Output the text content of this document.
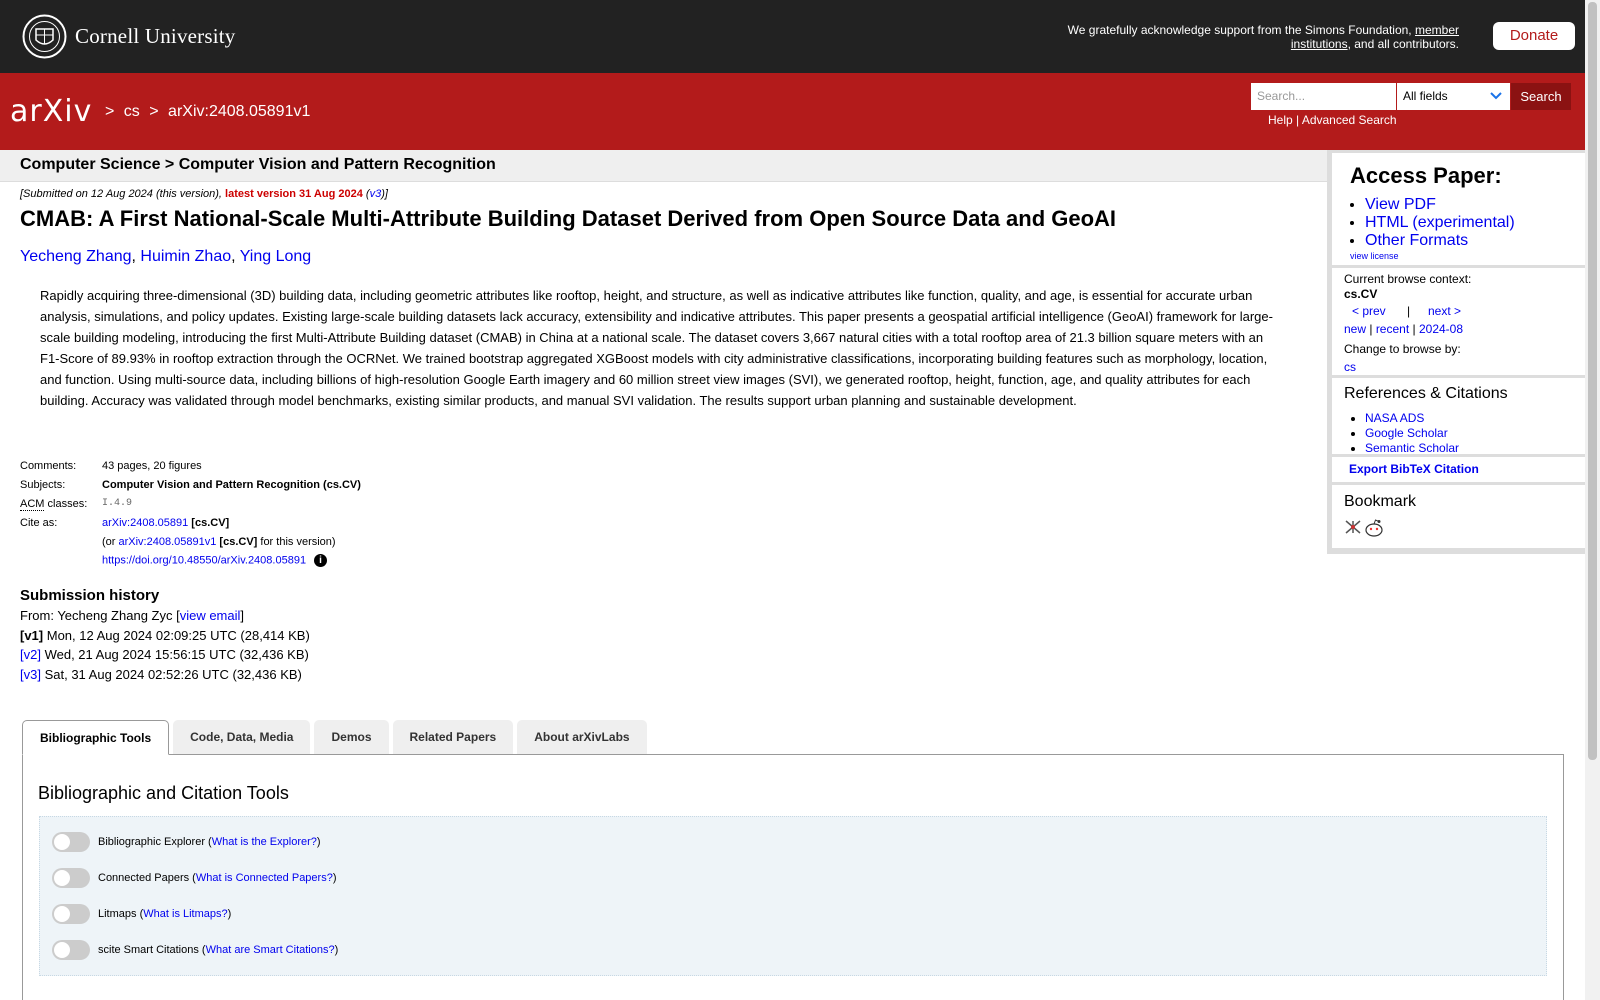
Cornell University	We gratefully acknowledge support from the Simons Foundation, member institutions, and all contributors.	Donate
arXiv > cs > arXiv:2408.05891v1
Search...	All fields	Search
Help | Advanced Search
Computer Science > Computer Vision and Pattern Recognition
[Submitted on 12 Aug 2024 (this version), latest version 31 Aug 2024 (v3)]
CMAB: A First National-Scale Multi-Attribute Building Dataset Derived from Open Source Data and GeoAI
Yecheng Zhang, Huimin Zhao, Ying Long

Rapidly acquiring three-dimensional (3D) building data, including geometric attributes like rooftop, height, and structure, as well as indicative attributes like function, quality, and age, is essential for accurate urban analysis, simulations, and policy updates. Existing large-scale building datasets lack accuracy, extensibility and indicative attributes. This paper presents a geospatial artificial intelligence (GeoAI) framework for large-scale building modeling, introducing the first Multi-Attribute Building dataset (CMAB) in China at a national scale. The dataset covers 3,667 natural cities with a total rooftop area of 21.3 billion square meters with an F1-Score of 89.93% in rooftop extraction through the OCRNet. We trained bootstrap aggregated XGBoost models with city administrative classifications, incorporating building features such as morphology, location, and function. Using multi-source data, including billions of high-resolution Google Earth imagery and 60 million street view images (SVI), we generated rooftop, height, function, age, and quality attributes for each building. Accuracy was validated through model benchmarks, existing similar products, and manual SVI validation. The results support urban planning and sustainable development.

Comments:	43 pages, 20 figures
Subjects:	Computer Vision and Pattern Recognition (cs.CV)
ACM classes:	I.4.9
Cite as:	arXiv:2408.05891 [cs.CV]
(or arXiv:2408.05891v1 [cs.CV] for this version)
https://doi.org/10.48550/arXiv.2408.05891 i
Submission history
From: Yecheng Zhang Zyc [view email]
[v1] Mon, 12 Aug 2024 02:09:25 UTC (28,414 KB)
[v2] Wed, 21 Aug 2024 15:56:15 UTC (32,436 KB)
[v3] Sat, 31 Aug 2024 02:52:26 UTC (32,436 KB)
Bibliographic Tools	Code, Data, Media	Demos	Related Papers	About arXivLabs
Bibliographic and Citation Tools
Bibliographic Explorer ( What is the Explorer? )
Connected Papers ( What is Connected Papers? )
Litmaps ( What is Litmaps? )
scite Smart Citations ( What are Smart Citations? )
Access Paper:
• View PDF
• HTML (experimental)
• Other Formats
view license
Current browse context:
cs.CV
< prev | next >
new | recent | 2024-08
Change to browse by:
cs
References & Citations
• NASA ADS
• Google Scholar
• Semantic Scholar
Export BibTeX Citation
Bookmark
